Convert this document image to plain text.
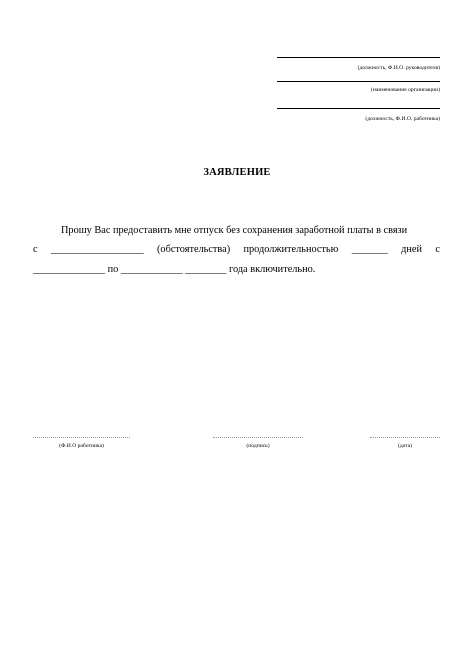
(должность, Ф.И.О. руководителя)
(наименование организации)
(должность, Ф.И.О. работника)
ЗАЯВЛЕНИЕ
Прошу Вас предоставить мне отпуск без сохранения заработной платы в связи
с __________________ (обстоятельства) продолжительностью _______ дней с
______________ по ____________ ________ года включительно.
(Ф.И.О работника)	(подпись)	(дата)
